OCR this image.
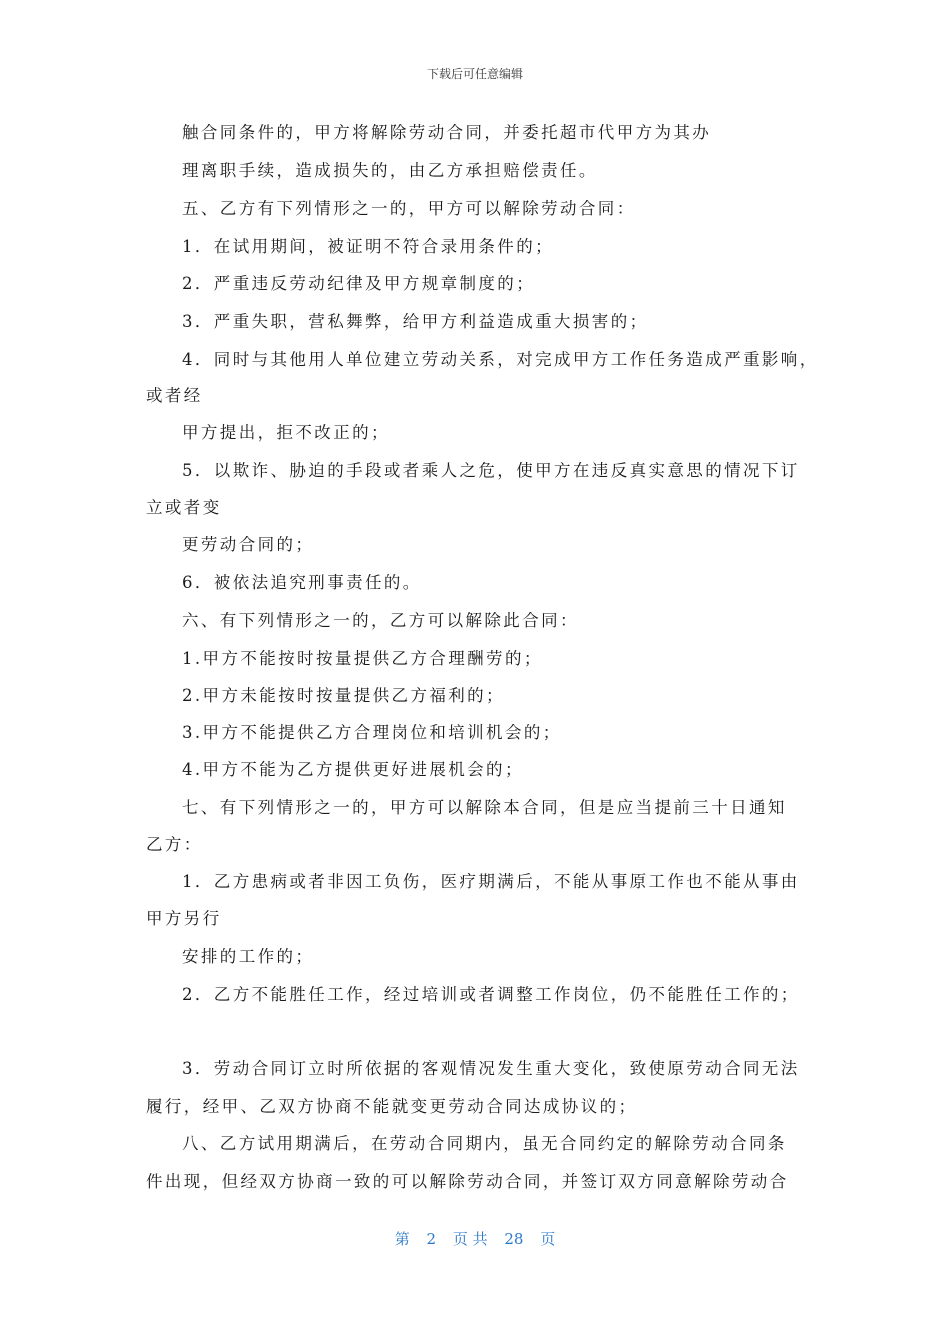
下载后可任意编辑
触合同条件的，甲方将解除劳动合同，并委托超市代甲方为其办
理离职手续，造成损失的，由乙方承担赔偿责任。
五、乙方有下列情形之一的，甲方可以解除劳动合同：
1．在试用期间，被证明不符合录用条件的；
2．严重违反劳动纪律及甲方规章制度的；
3．严重失职，营私舞弊，给甲方利益造成重大损害的；
4．同时与其他用人单位建立劳动关系，对完成甲方工作任务造成严重影响，
或者经
甲方提出，拒不改正的；
5．以欺诈、胁迫的手段或者乘人之危，使甲方在违反真实意思的情况下订
立或者变
更劳动合同的；
6．被依法追究刑事责任的。
六、有下列情形之一的，乙方可以解除此合同：
1.甲方不能按时按量提供乙方合理酬劳的；
2.甲方未能按时按量提供乙方福利的；
3.甲方不能提供乙方合理岗位和培训机会的；
4.甲方不能为乙方提供更好进展机会的；
七、有下列情形之一的，甲方可以解除本合同，但是应当提前三十日通知
乙方：
1．乙方患病或者非因工负伤，医疗期满后，不能从事原工作也不能从事由
甲方另行
安排的工作的；
2．乙方不能胜任工作，经过培训或者调整工作岗位，仍不能胜任工作的；
3．劳动合同订立时所依据的客观情况发生重大变化，致使原劳动合同无法
履行，经甲、乙双方协商不能就变更劳动合同达成协议的；
八、乙方试用期满后，在劳动合同期内，虽无合同约定的解除劳动合同条
件出现，但经双方协商一致的可以解除劳动合同，并签订双方同意解除劳动合
第 2 页 共 28 页
